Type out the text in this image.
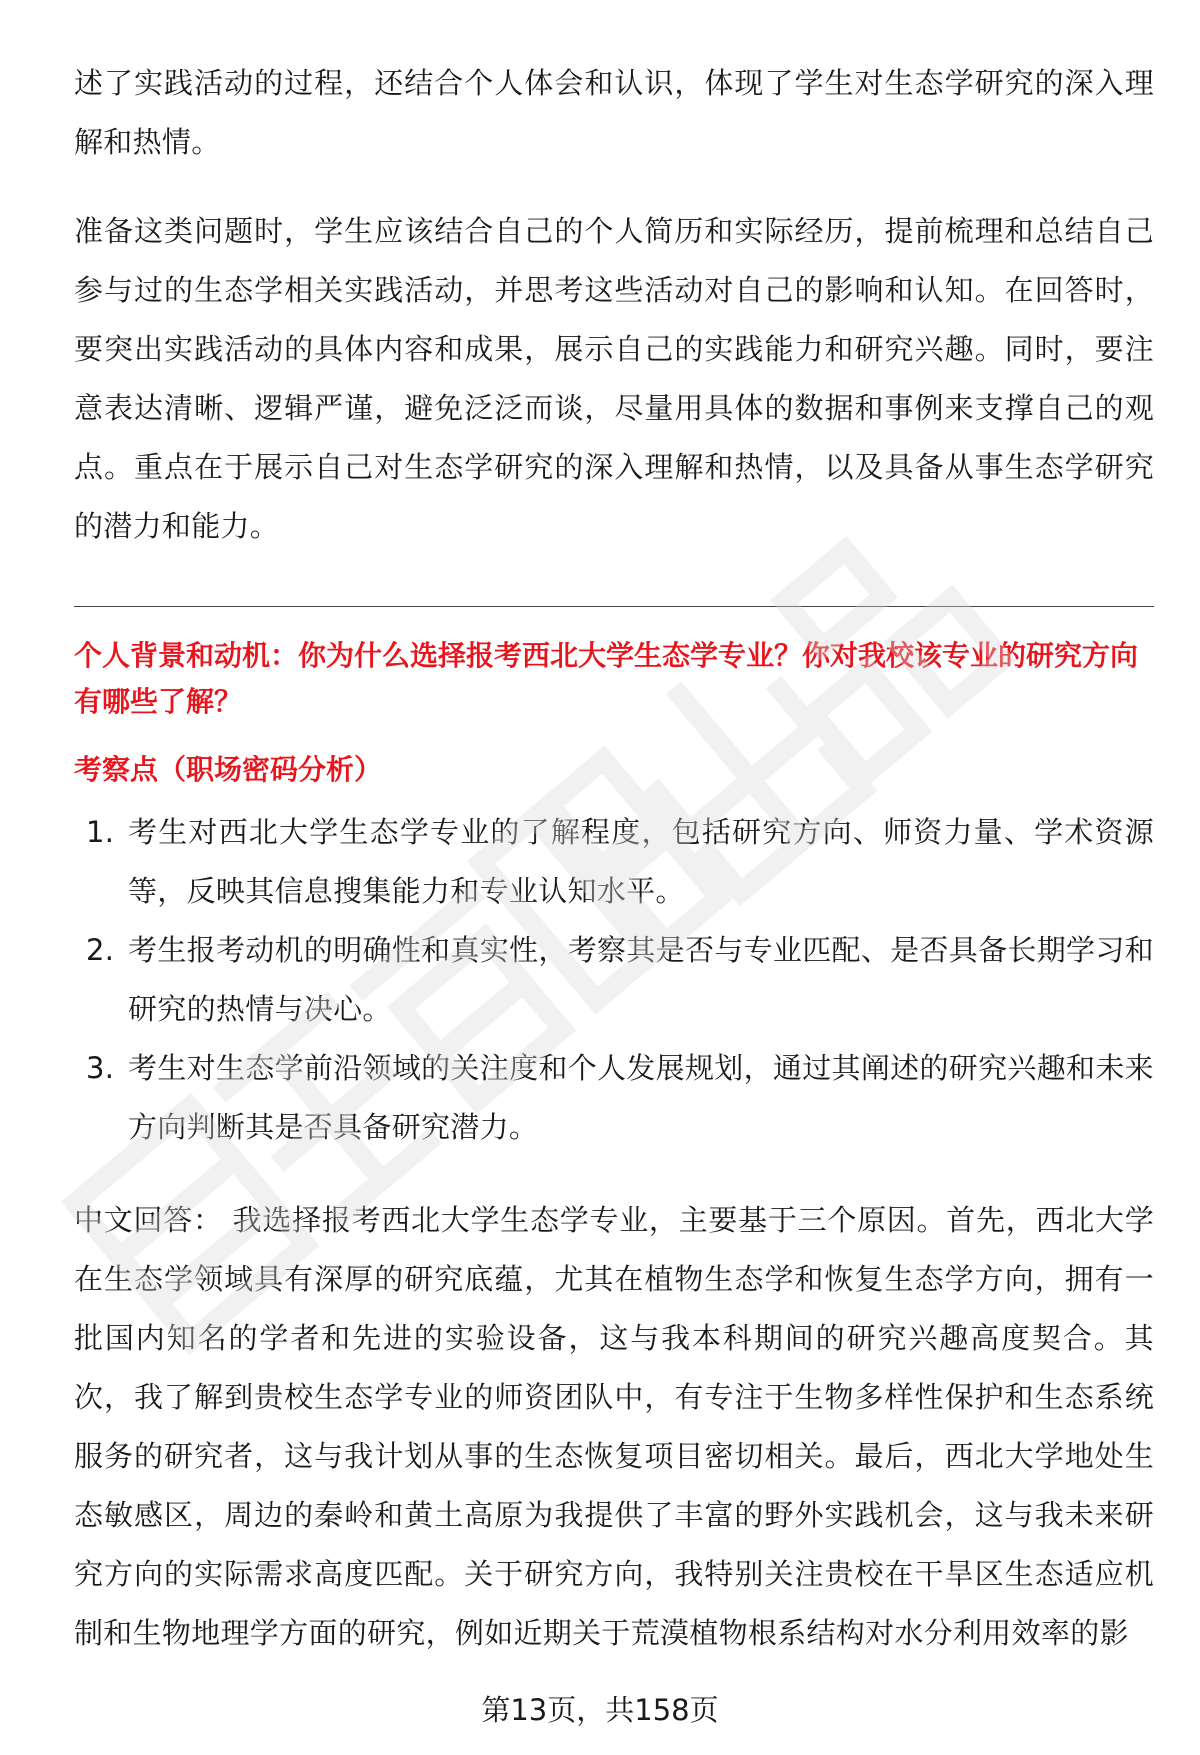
述了实践活动的过程，还结合个人体会和认识，体现了学生对生态学研究的深入理解和热情。

准备这类问题时，学生应该结合自己的个人简历和实际经历，提前梳理和总结自己参与过的生态学相关实践活动，并思考这些活动对自己的影响和认知。在回答时，要突出实践活动的具体内容和成果，展示自己的实践能力和研究兴趣。同时，要注意表达清晰、逻辑严谨，避免泛泛而谈，尽量用具体的数据和事例来支撑自己的观点。重点在于展示自己对生态学研究的深入理解和热情，以及具备从事生态学研究的潜力和能力。

个人背景和动机：你为什么选择报考西北大学生态学专业？你对我校该专业的研究方向有哪些了解？

考察点（职场密码分析）

1. 考生对西北大学生态学专业的了解程度，包括研究方向、师资力量、学术资源等，反映其信息搜集能力和专业认知水平。
2. 考生报考动机的明确性和真实性，考察其是否与专业匹配、是否具备长期学习和研究的热情与决心。
3. 考生对生态学前沿领域的关注度和个人发展规划，通过其阐述的研究兴趣和未来方向判断其是否具备研究潜力。

中文回答： 我选择报考西北大学生态学专业，主要基于三个原因。首先，西北大学在生态学领域具有深厚的研究底蕴，尤其在植物生态学和恢复生态学方向，拥有一批国内知名的学者和先进的实验设备，这与我本科期间的研究兴趣高度契合。其次，我了解到贵校生态学专业的师资团队中，有专注于生物多样性保护和生态系统服务的研究者，这与我计划从事的生态恢复项目密切相关。最后，西北大学地处生态敏感区，周边的秦岭和黄土高原为我提供了丰富的野外实践机会，这与我未来研究方向的实际需求高度匹配。关于研究方向，我特别关注贵校在干旱区生态适应机制和生物地理学方面的研究，例如近期关于荒漠植物根系结构对水分利用效率的影

第13页，共158页
